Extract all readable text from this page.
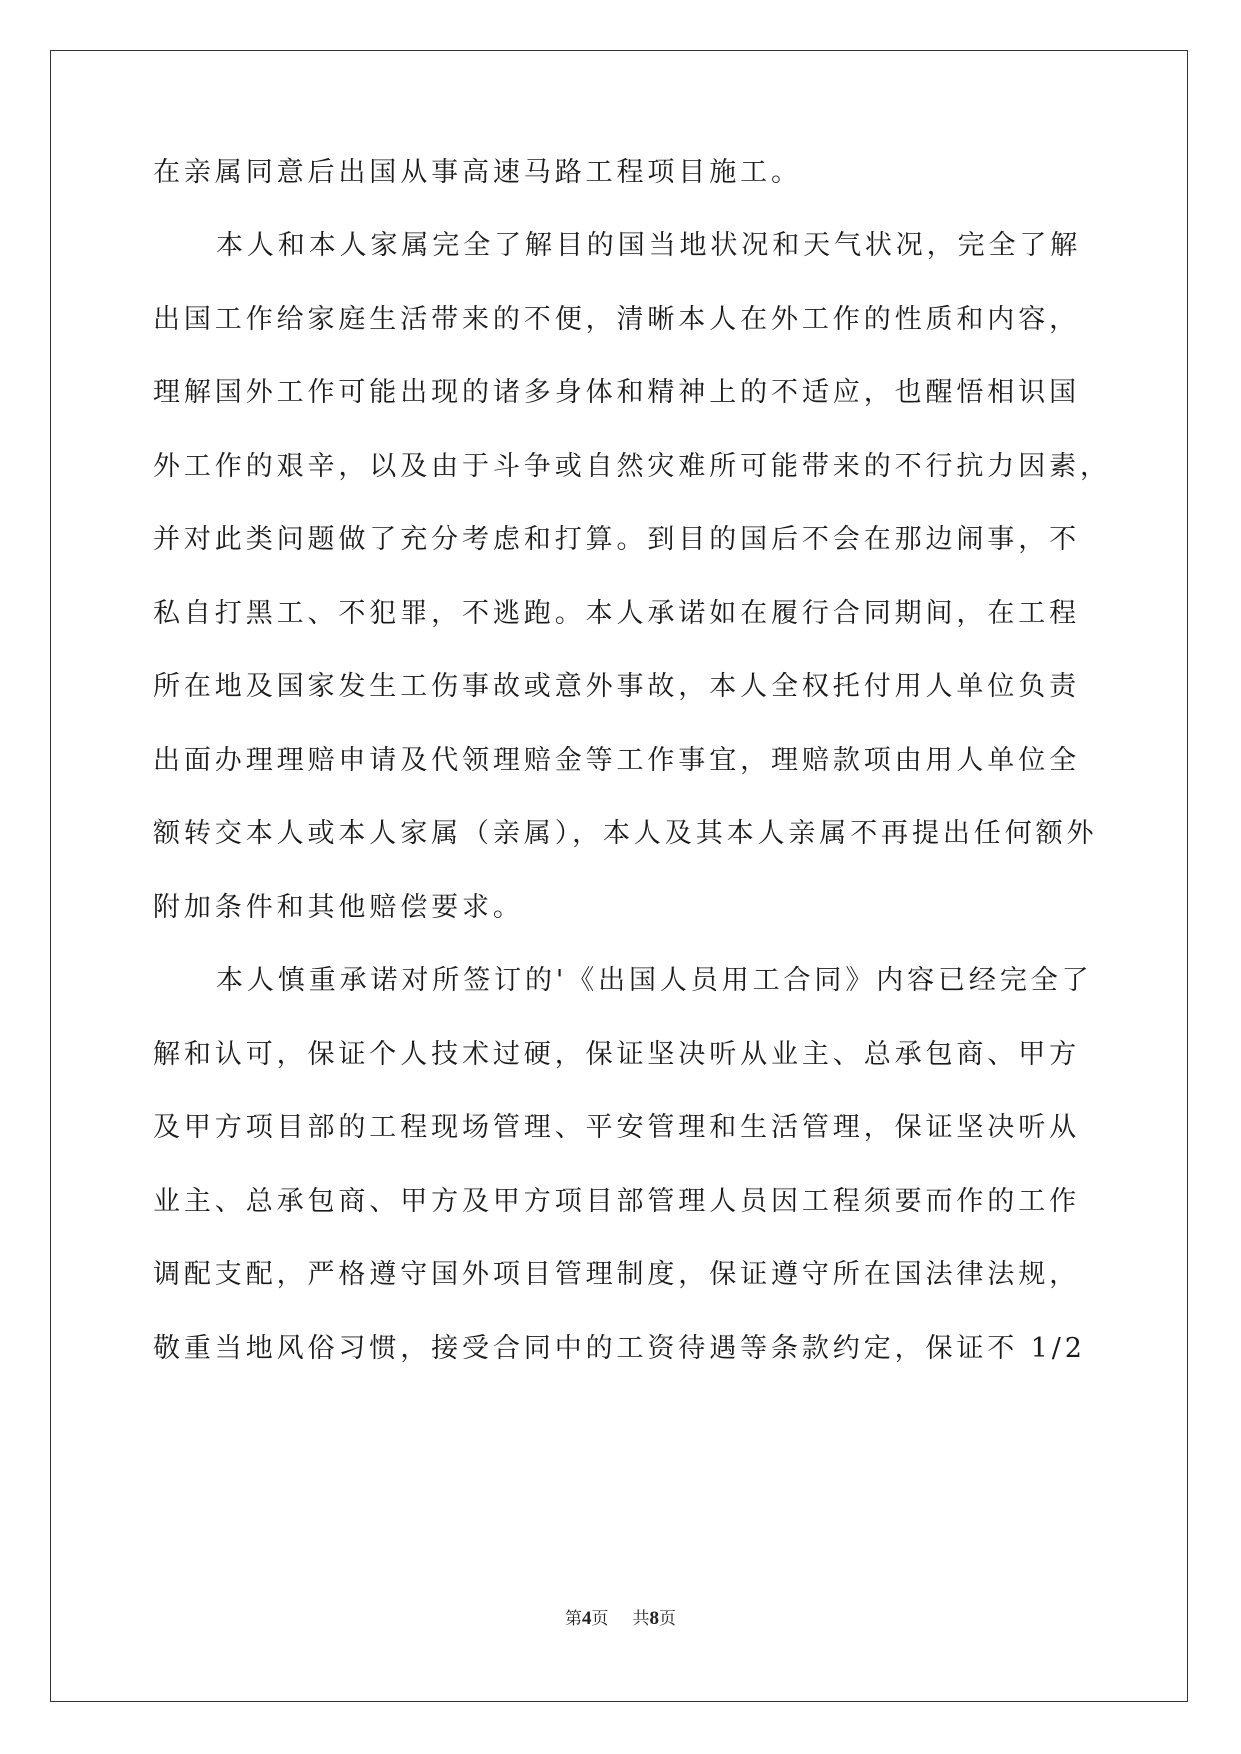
在亲属同意后出国从事高速马路工程项目施工。
本人和本人家属完全了解目的国当地状况和天气状况，完全了解
出国工作给家庭生活带来的不便，清晰本人在外工作的性质和内容，
理解国外工作可能出现的诸多身体和精神上的不适应，也醒悟相识国
外工作的艰辛，以及由于斗争或自然灾难所可能带来的不行抗力因素，
并对此类问题做了充分考虑和打算。到目的国后不会在那边闹事，不
私自打黑工、不犯罪，不逃跑。本人承诺如在履行合同期间，在工程
所在地及国家发生工伤事故或意外事故，本人全权托付用人单位负责
出面办理理赔申请及代领理赔金等工作事宜，理赔款项由用人单位全
额转交本人或本人家属（亲属），本人及其本人亲属不再提出任何额外
附加条件和其他赔偿要求。
本人慎重承诺对所签订的'《出国人员用工合同》内容已经完全了
解和认可，保证个人技术过硬，保证坚决听从业主、总承包商、甲方
及甲方项目部的工程现场管理、平安管理和生活管理，保证坚决听从
业主、总承包商、甲方及甲方项目部管理人员因工程须要而作的工作
调配支配，严格遵守国外项目管理制度，保证遵守所在国法律法规，
敬重当地风俗习惯，接受合同中的工资待遇等条款约定，保证不 1/2
第4页 共8页
